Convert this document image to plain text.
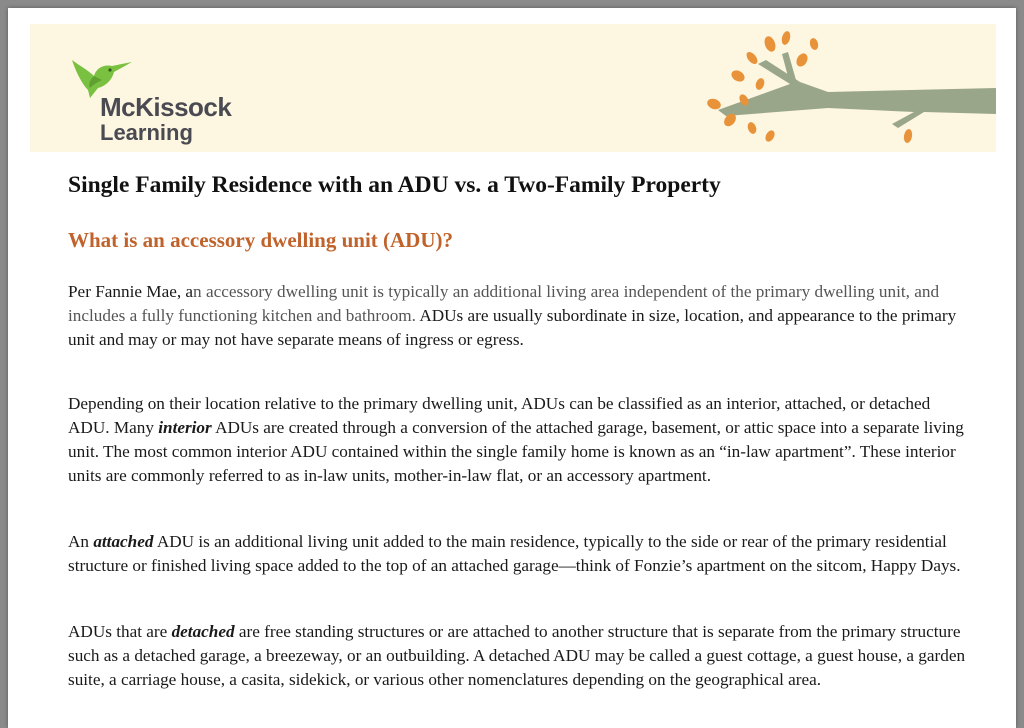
McKissock
Learning
Single Family Residence with an ADU vs. a Two-Family Property
What is an accessory dwelling unit (ADU)?

Per Fannie Mae, an accessory dwelling unit is typically an additional living area independent of the primary dwelling unit, and includes a fully functioning kitchen and bathroom. ADUs are usually subordinate in size, location, and appearance to the primary unit and may or may not have separate means of ingress or egress.

Depending on their location relative to the primary dwelling unit, ADUs can be classified as an interior, attached, or detached ADU. Many interior ADUs are created through a conversion of the attached garage, basement, or attic space into a separate living unit. The most common interior ADU contained within the single family home is known as an “in-law apartment”. These interior units are commonly referred to as in-law units, mother-in-law flat, or an accessory apartment.

An attached ADU is an additional living unit added to the main residence, typically to the side or rear of the primary residential structure or finished living space added to the top of an attached garage—think of Fonzie’s apartment on the sitcom, Happy Days.

ADUs that are detached are free standing structures or are attached to another structure that is separate from the primary structure such as a detached garage, a breezeway, or an outbuilding. A detached ADU may be called a guest cottage, a guest house, a garden suite, a carriage house, a casita, sidekick, or various other nomenclatures depending on the geographical area.
